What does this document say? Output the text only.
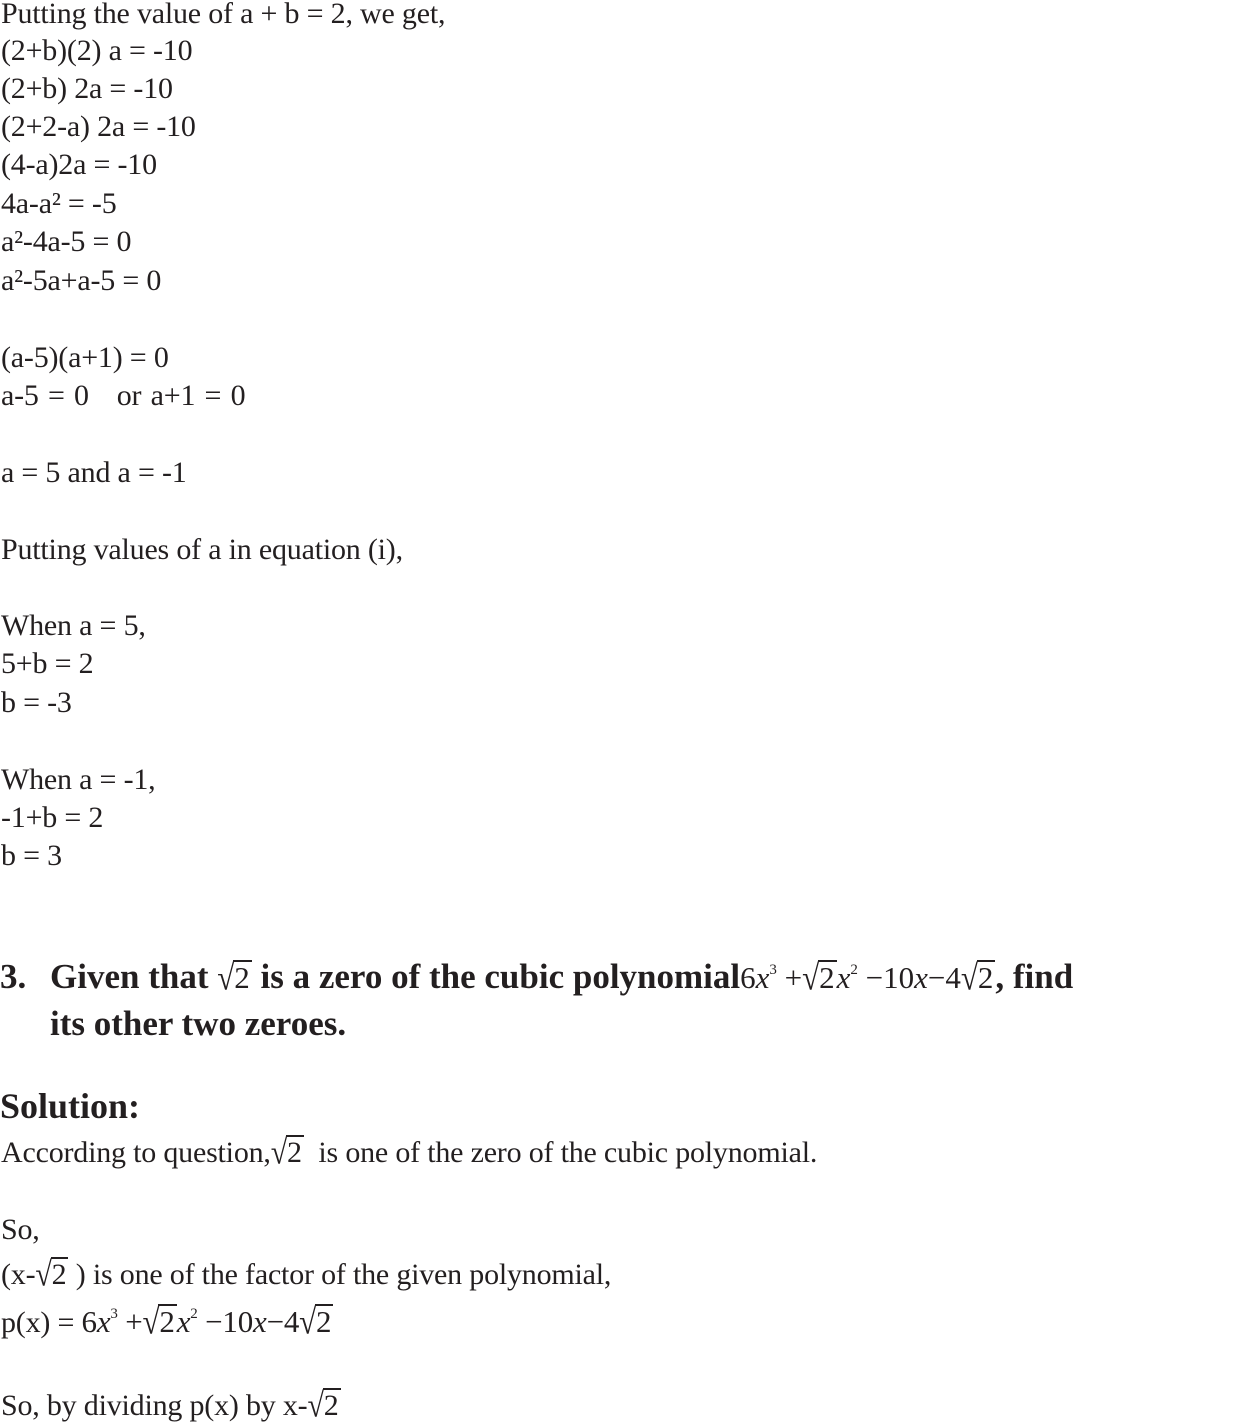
Putting the value of a + b = 2, we get,
(2+b)(2) a = -10
(2+b) 2a = -10
(2+2-a) 2a = -10
(4-a)2a = -10
4a-a² = -5
a²-4a-5 = 0
a²-5a+a-5 = 0
(a-5)(a+1) = 0
a-5 = 0   or a+1 = 0
a = 5 and a = -1
Putting values of a in equation (i),
When a = 5,
5+b = 2
b = -3
When a = -1,
-1+b = 2
b = 3
3. Given that √2 is a zero of the cubic $polynomial6x^3 +√2x^2 -10x-4√2$, find
its other two zeroes.
Solution:
According to question,√2 is one of the zero of the cubic polynomial.
So,
(x-√2 ) is one of the factor of the given polynomial,
$p(x) = 6x^3 +√2x^2 -10x-4√2$
So, by dividing p(x) by x-√2
